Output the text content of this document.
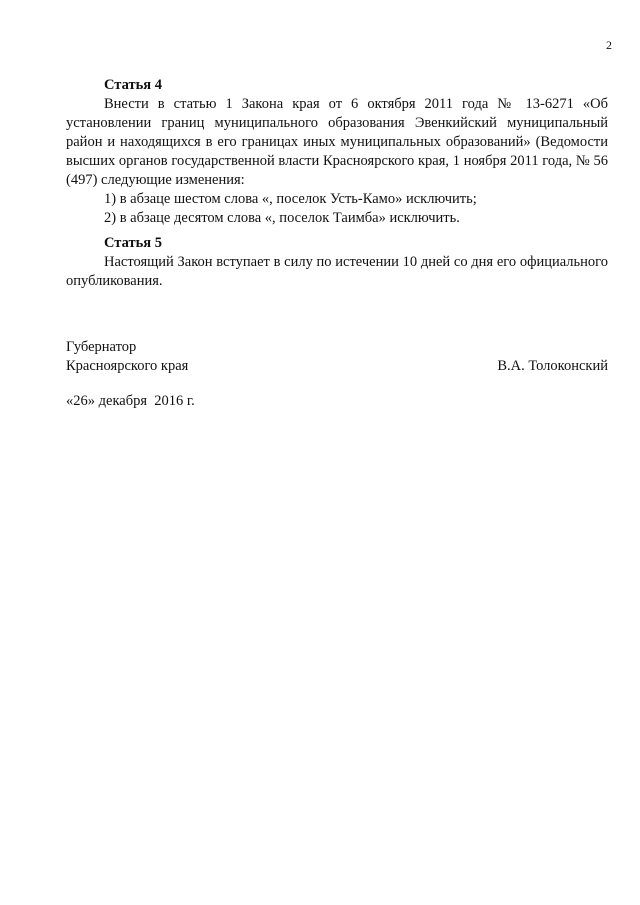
2

Статья 4

Внести в статью 1 Закона края от 6 октября 2011 года № 13-6271 «Об установлении границ муниципального образования Эвенкийский муниципальный район и находящихся в его границах иных муниципальных образований» (Ведомости высших органов государственной власти Красноярского края, 1 ноября 2011 года, № 56 (497) следующие изменения:

1) в абзаце шестом слова «, поселок Усть-Камо» исключить;

2) в абзаце десятом слова «, поселок Таимба» исключить.

Статья 5

Настоящий Закон вступает в силу по истечении 10 дней со дня его официального опубликования.

Губернатор

Красноярского края	В.А. Толоконский
«26» декабря  2016 г.
